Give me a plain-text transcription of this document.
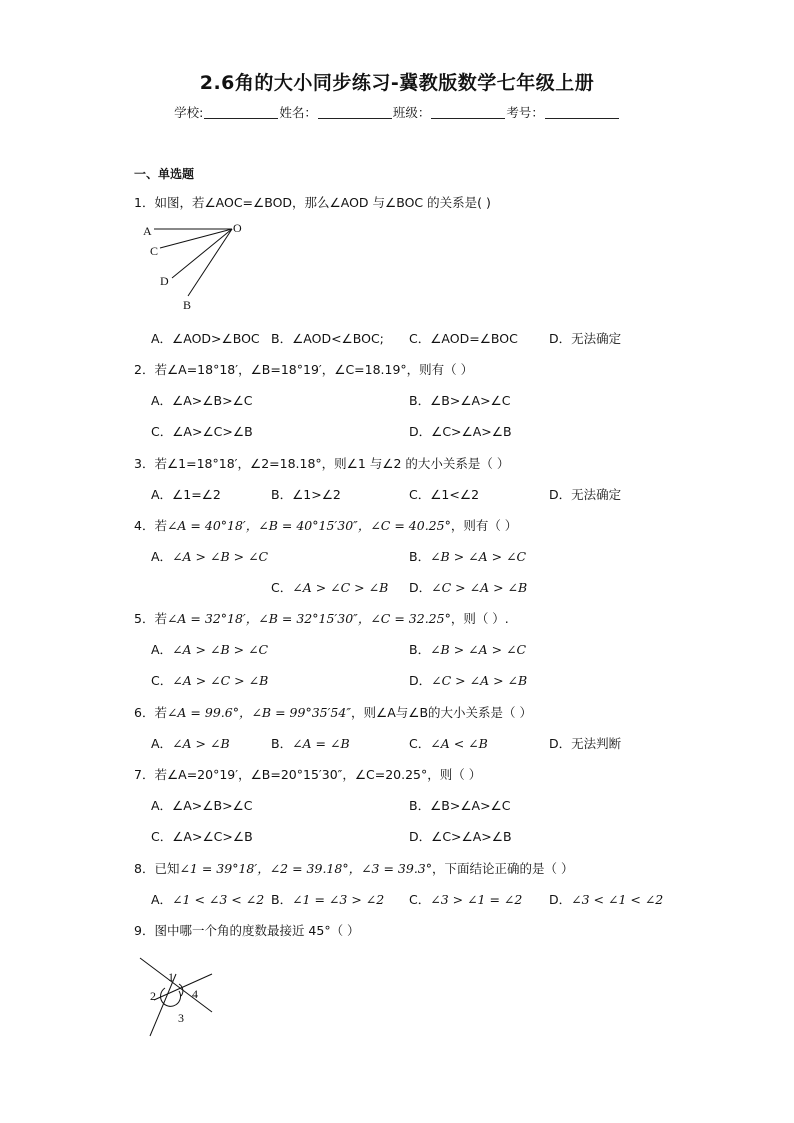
2.6角的大小同步练习-冀教版数学七年级上册
学校:	姓名：	班级：	考号：
一、单选题
1．如图，若∠AOC=∠BOD，那么∠AOD 与∠BOC 的关系是( )
A
C
D
B
O
A．∠AOD>∠BOC B．∠AOD<∠BOC; C．∠AOD=∠BOC D．无法确定
2．若∠A=18°18′，∠B=18°19′，∠C=18.19°，则有（ ）
A．∠A>∠B>∠C	B．∠B>∠A>∠C
C．∠A>∠C>∠B	D．∠C>∠A>∠B
3．若∠1=18°18′，∠2=18.18°，则∠1 与∠2 的大小关系是（ ）
A．∠1=∠2	B．∠1>∠2	C．∠1<∠2	D．无法确定
4．若∠A = 40°18′，∠B = 40°15′30″，∠C = 40.25°，则有（ ）
A．∠A > ∠B > ∠C	B．∠B > ∠A > ∠C
C．∠A > ∠C > ∠B D．∠C > ∠A > ∠B
5．若∠A = 32°18′，∠B = 32°15′30″，∠C = 32.25°，则（ ）.
A．∠A > ∠B > ∠C	B．∠B > ∠A > ∠C
C．∠A > ∠C > ∠B	D．∠C > ∠A > ∠B
6．若∠A = 99.6°，∠B = 99°35′54″，则∠A与∠B的大小关系是（ ）
A．∠A > ∠B	B．∠A = ∠B	C．∠A < ∠B	D．无法判断
7．若∠A=20°19′，∠B=20°15′30″，∠C=20.25°，则（ ）
A．∠A>∠B>∠C	B．∠B>∠A>∠C
C．∠A>∠C>∠B	D．∠C>∠A>∠B
8．已知∠1 = 39°18′，∠2 = 39.18°，∠3 = 39.3°，下面结论正确的是（ ）
A．∠1 < ∠3 < ∠2 B．∠1 = ∠3 > ∠2 C．∠3 > ∠1 = ∠2 D．∠3 < ∠1 < ∠2
9．图中哪一个角的度数最接近 45°（ ）
1
2
3
4
